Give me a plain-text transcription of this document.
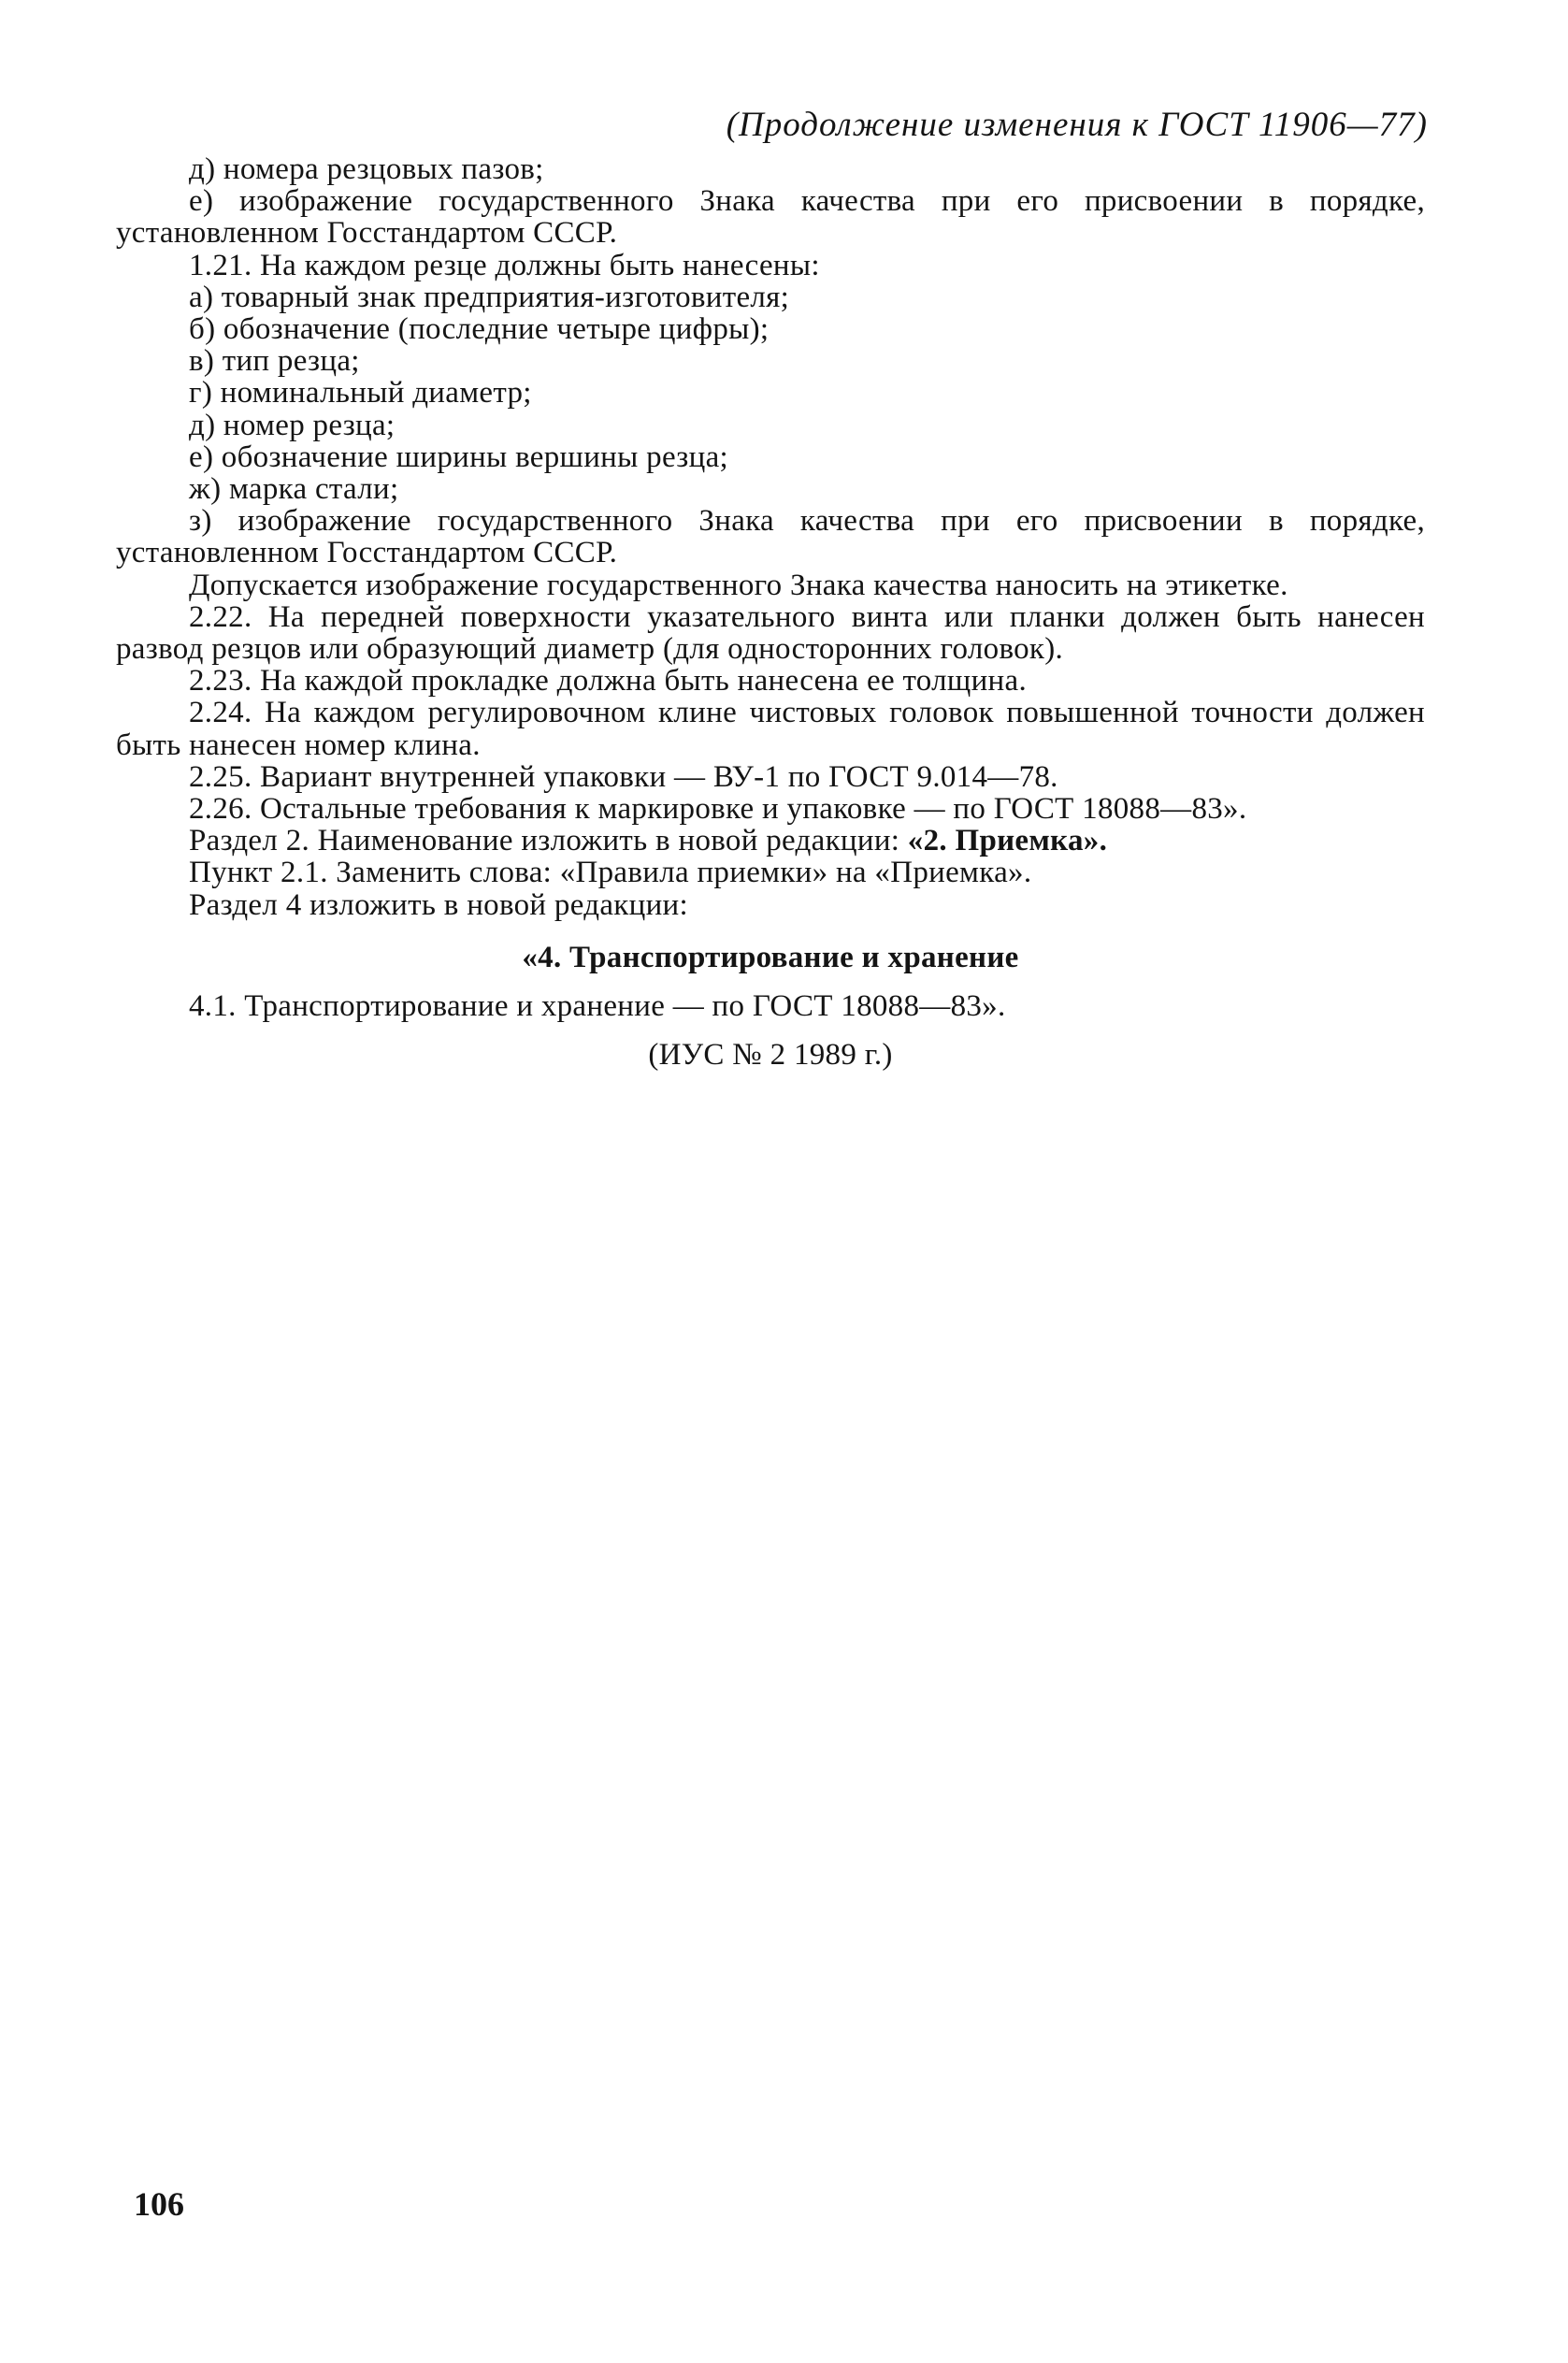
(Продолжение изменения к ГОСТ 11906—77)

д) номера резцовых пазов;

е) изображение государственного Знака качества при его присвоении в порядке, установленном Госстандартом СССР.

1.21. На каждом резце должны быть нанесены:

а) товарный знак предприятия-изготовителя;

б) обозначение (последние четыре цифры);

в) тип резца;

г) номинальный диаметр;

д) номер резца;

е) обозначение ширины вершины резца;

ж) марка стали;

з) изображение государственного Знака качества при его присвоении в порядке, установленном Госстандартом СССР.

Допускается изображение государственного Знака качества наносить на этикетке.

2.22. На передней поверхности указательного винта или планки должен быть нанесен развод резцов или образующий диаметр (для односторонних головок).

2.23. На каждой прокладке должна быть нанесена ее толщина.

2.24. На каждом регулировочном клине чистовых головок повышенной точности должен быть нанесен номер клина.

2.25. Вариант внутренней упаковки — ВУ-1 по ГОСТ 9.014—78.

2.26. Остальные требования к маркировке и упаковке — по ГОСТ 18088—83».

Раздел 2. Наименование изложить в новой редакции: «2. Приемка».

Пункт 2.1. Заменить слова: «Правила приемки» на «Приемка».

Раздел 4 изложить в новой редакции:

«4. Транспортирование и хранение

4.1. Транспортирование и хранение — по ГОСТ 18088—83».

(ИУС № 2 1989 г.)

106
